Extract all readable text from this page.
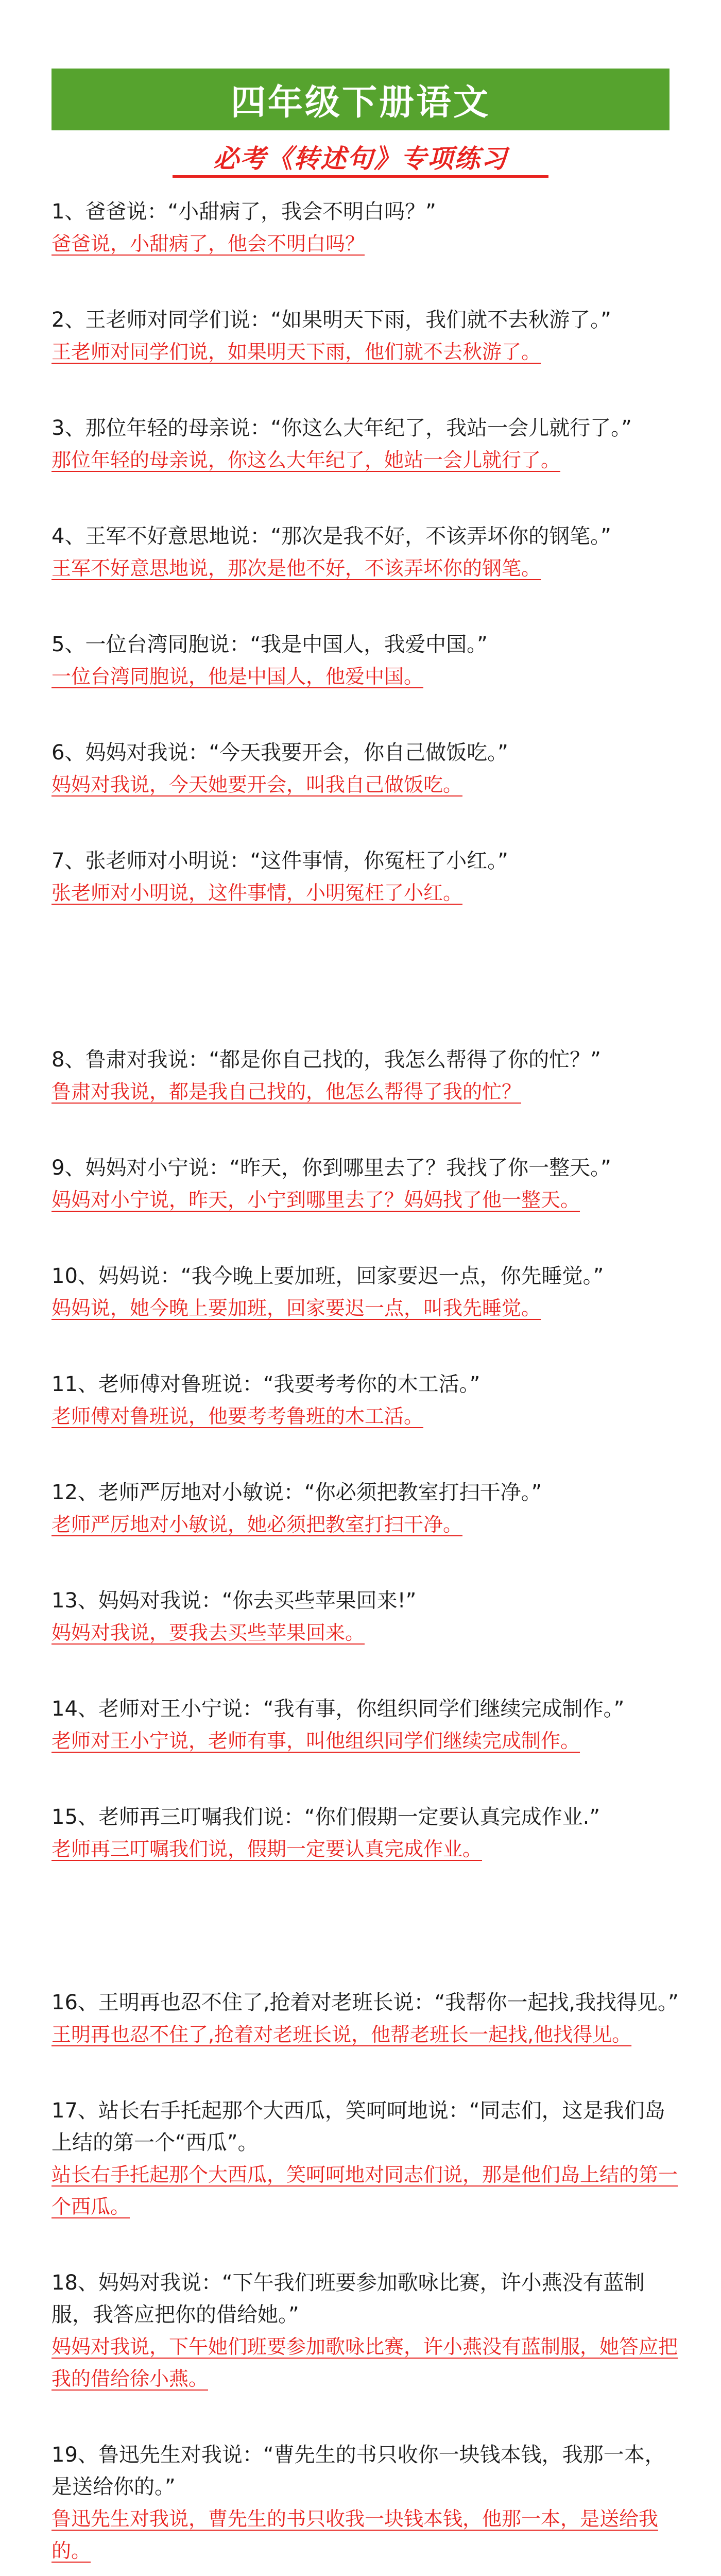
四年级下册语文
必考《转述句》专项练习

1、爸爸说：“小甜病了，我会不明白吗？”

爸爸说，小甜病了，他会不明白吗？

2、王老师对同学们说：“如果明天下雨，我们就不去秋游了。”

王老师对同学们说，如果明天下雨，他们就不去秋游了。

3、那位年轻的母亲说：“你这么大年纪了，我站一会儿就行了。”

那位年轻的母亲说，你这么大年纪了，她站一会儿就行了。

4、王军不好意思地说：“那次是我不好，不该弄坏你的钢笔。”

王军不好意思地说，那次是他不好，不该弄坏你的钢笔。

5、一位台湾同胞说：“我是中国人，我爱中国。”

一位台湾同胞说，他是中国人，他爱中国。

6、妈妈对我说：“今天我要开会，你自己做饭吃。”

妈妈对我说，今天她要开会，叫我自己做饭吃。

7、张老师对小明说：“这件事情，你冤枉了小红。”

张老师对小明说，这件事情，小明冤枉了小红。

8、鲁肃对我说：“都是你自己找的，我怎么帮得了你的忙？”

鲁肃对我说，都是我自己找的，他怎么帮得了我的忙？

9、妈妈对小宁说：“昨天，你到哪里去了？我找了你一整天。”

妈妈对小宁说，昨天，小宁到哪里去了？妈妈找了他一整天。

10、妈妈说：“我今晚上要加班，回家要迟一点，你先睡觉。”

妈妈说，她今晚上要加班，回家要迟一点，叫我先睡觉。

11、老师傅对鲁班说：“我要考考你的木工活。”

老师傅对鲁班说，他要考考鲁班的木工活。

12、老师严厉地对小敏说：“你必须把教室打扫干净。”

老师严厉地对小敏说，她必须把教室打扫干净。

13、妈妈对我说：“你去买些苹果回来!”

妈妈对我说，要我去买些苹果回来。

14、老师对王小宁说：“我有事，你组织同学们继续完成制作。”

老师对王小宁说，老师有事，叫他组织同学们继续完成制作。

15、老师再三叮嘱我们说：“你们假期一定要认真完成作业.”

老师再三叮嘱我们说，假期一定要认真完成作业。

16、王明再也忍不住了,抢着对老班长说：“我帮你一起找,我找得见。”

王明再也忍不住了,抢着对老班长说，他帮老班长一起找,他找得见。

17、站长右手托起那个大西瓜，笑呵呵地说：“同志们，这是我们岛上结的第一个“西瓜”。

站长右手托起那个大西瓜，笑呵呵地对同志们说，那是他们岛上结的第一个西瓜。

18、妈妈对我说：“下午我们班要参加歌咏比赛，许小燕没有蓝制服，我答应把你的借给她。”

妈妈对我说，下午她们班要参加歌咏比赛，许小燕没有蓝制服，她答应把我的借给徐小燕。

19、鲁迅先生对我说：“曹先生的书只收你一块钱本钱，我那一本，是送给你的。”

鲁迅先生对我说，曹先生的书只收我一块钱本钱，他那一本，是送给我的。
